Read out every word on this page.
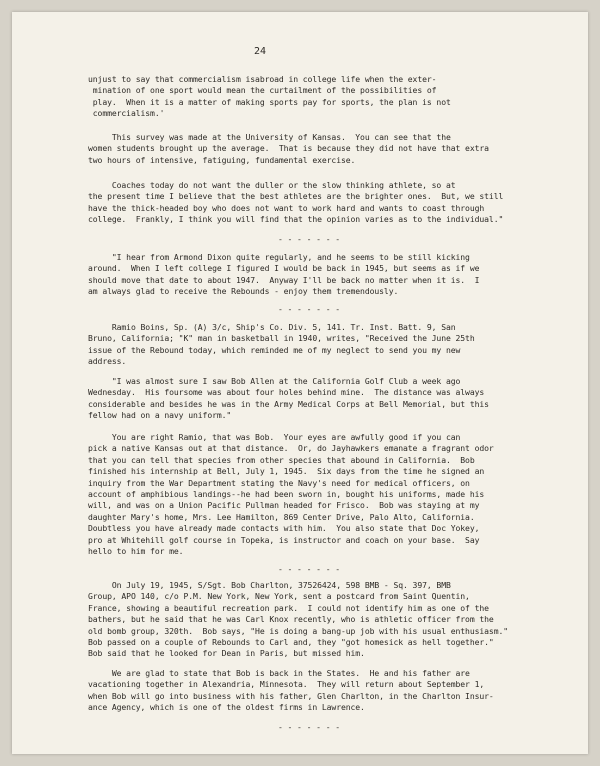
24

unjust to say that commercialism isabroad in college life when the exter-
mination of one sport would mean the curtailment of the possibilities of
play.  When it is a matter of making sports pay for sports, the plan is not
commercialism.'

This survey was made at the University of Kansas.  You can see that the
women students brought up the average.  That is because they did not have that extra
two hours of intensive, fatiguing, fundamental exercise.

Coaches today do not want the duller or the slow thinking athlete, so at
the present time I believe that the best athletes are the brighter ones.  But, we still
have the thick-headed boy who does not want to work hard and wants to coast through
college.  Frankly, I think you will find that the opinion varies as to the individual."

- - - - - - -

"I hear from Armond Dixon quite regularly, and he seems to be still kicking
around.  When I left college I figured I would be back in 1945, but seems as if we
should move that date to about 1947.  Anyway I'll be back no matter when it is.  I
am always glad to receive the Rebounds - enjoy them tremendously.

- - - - - - -

Ramio Boins, Sp. (A) 3/c, Ship's Co. Div. 5, 141. Tr. Inst. Batt. 9, San
Bruno, California; "K" man in basketball in 1940, writes, "Received the June 25th
issue of the Rebound today, which reminded me of my neglect to send you my new
address.

"I was almost sure I saw Bob Allen at the California Golf Club a week ago
Wednesday.  His foursome was about four holes behind mine.  The distance was always
considerable and besides he was in the Army Medical Corps at Bell Memorial, but this
fellow had on a navy uniform."

You are right Ramio, that was Bob.  Your eyes are awfully good if you can
pick a native Kansas out at that distance.  Or, do Jayhawkers emanate a fragrant odor
that you can tell that species from other species that abound in California.  Bob
finished his internship at Bell, July 1, 1945.  Six days from the time he signed an
inquiry from the War Department stating the Navy's need for medical officers, on
account of amphibious landings--he had been sworn in, bought his uniforms, made his
will, and was on a Union Pacific Pullman headed for Frisco.  Bob was staying at my
daughter Mary's home, Mrs. Lee Hamilton, 869 Center Drive, Palo Alto, California.
Doubtless you have already made contacts with him.  You also state that Doc Yokey,
pro at Whitehill golf course in Topeka, is instructor and coach on your base.  Say
hello to him for me.

- - - - - - -

On July 19, 1945, S/Sgt. Bob Charlton, 37526424, 598 BMB - Sq. 397, BMB
Group, APO 140, c/o P.M. New York, New York, sent a postcard from Saint Quentin,
France, showing a beautiful recreation park.  I could not identify him as one of the
bathers, but he said that he was Carl Knox recently, who is athletic officer from the
old bomb group, 320th.  Bob says, "He is doing a bang-up job with his usual enthusiasm."
Bob passed on a couple of Rebounds to Carl and, they "got homesick as hell together."
Bob said that he looked for Dean in Paris, but missed him.

We are glad to state that Bob is back in the States.  He and his father are
vacationing together in Alexandria, Minnesota.  They will return about September 1,
when Bob will go into business with his father, Glen Charlton, in the Charlton Insur-
ance Agency, which is one of the oldest firms in Lawrence.

- - - - - - -
